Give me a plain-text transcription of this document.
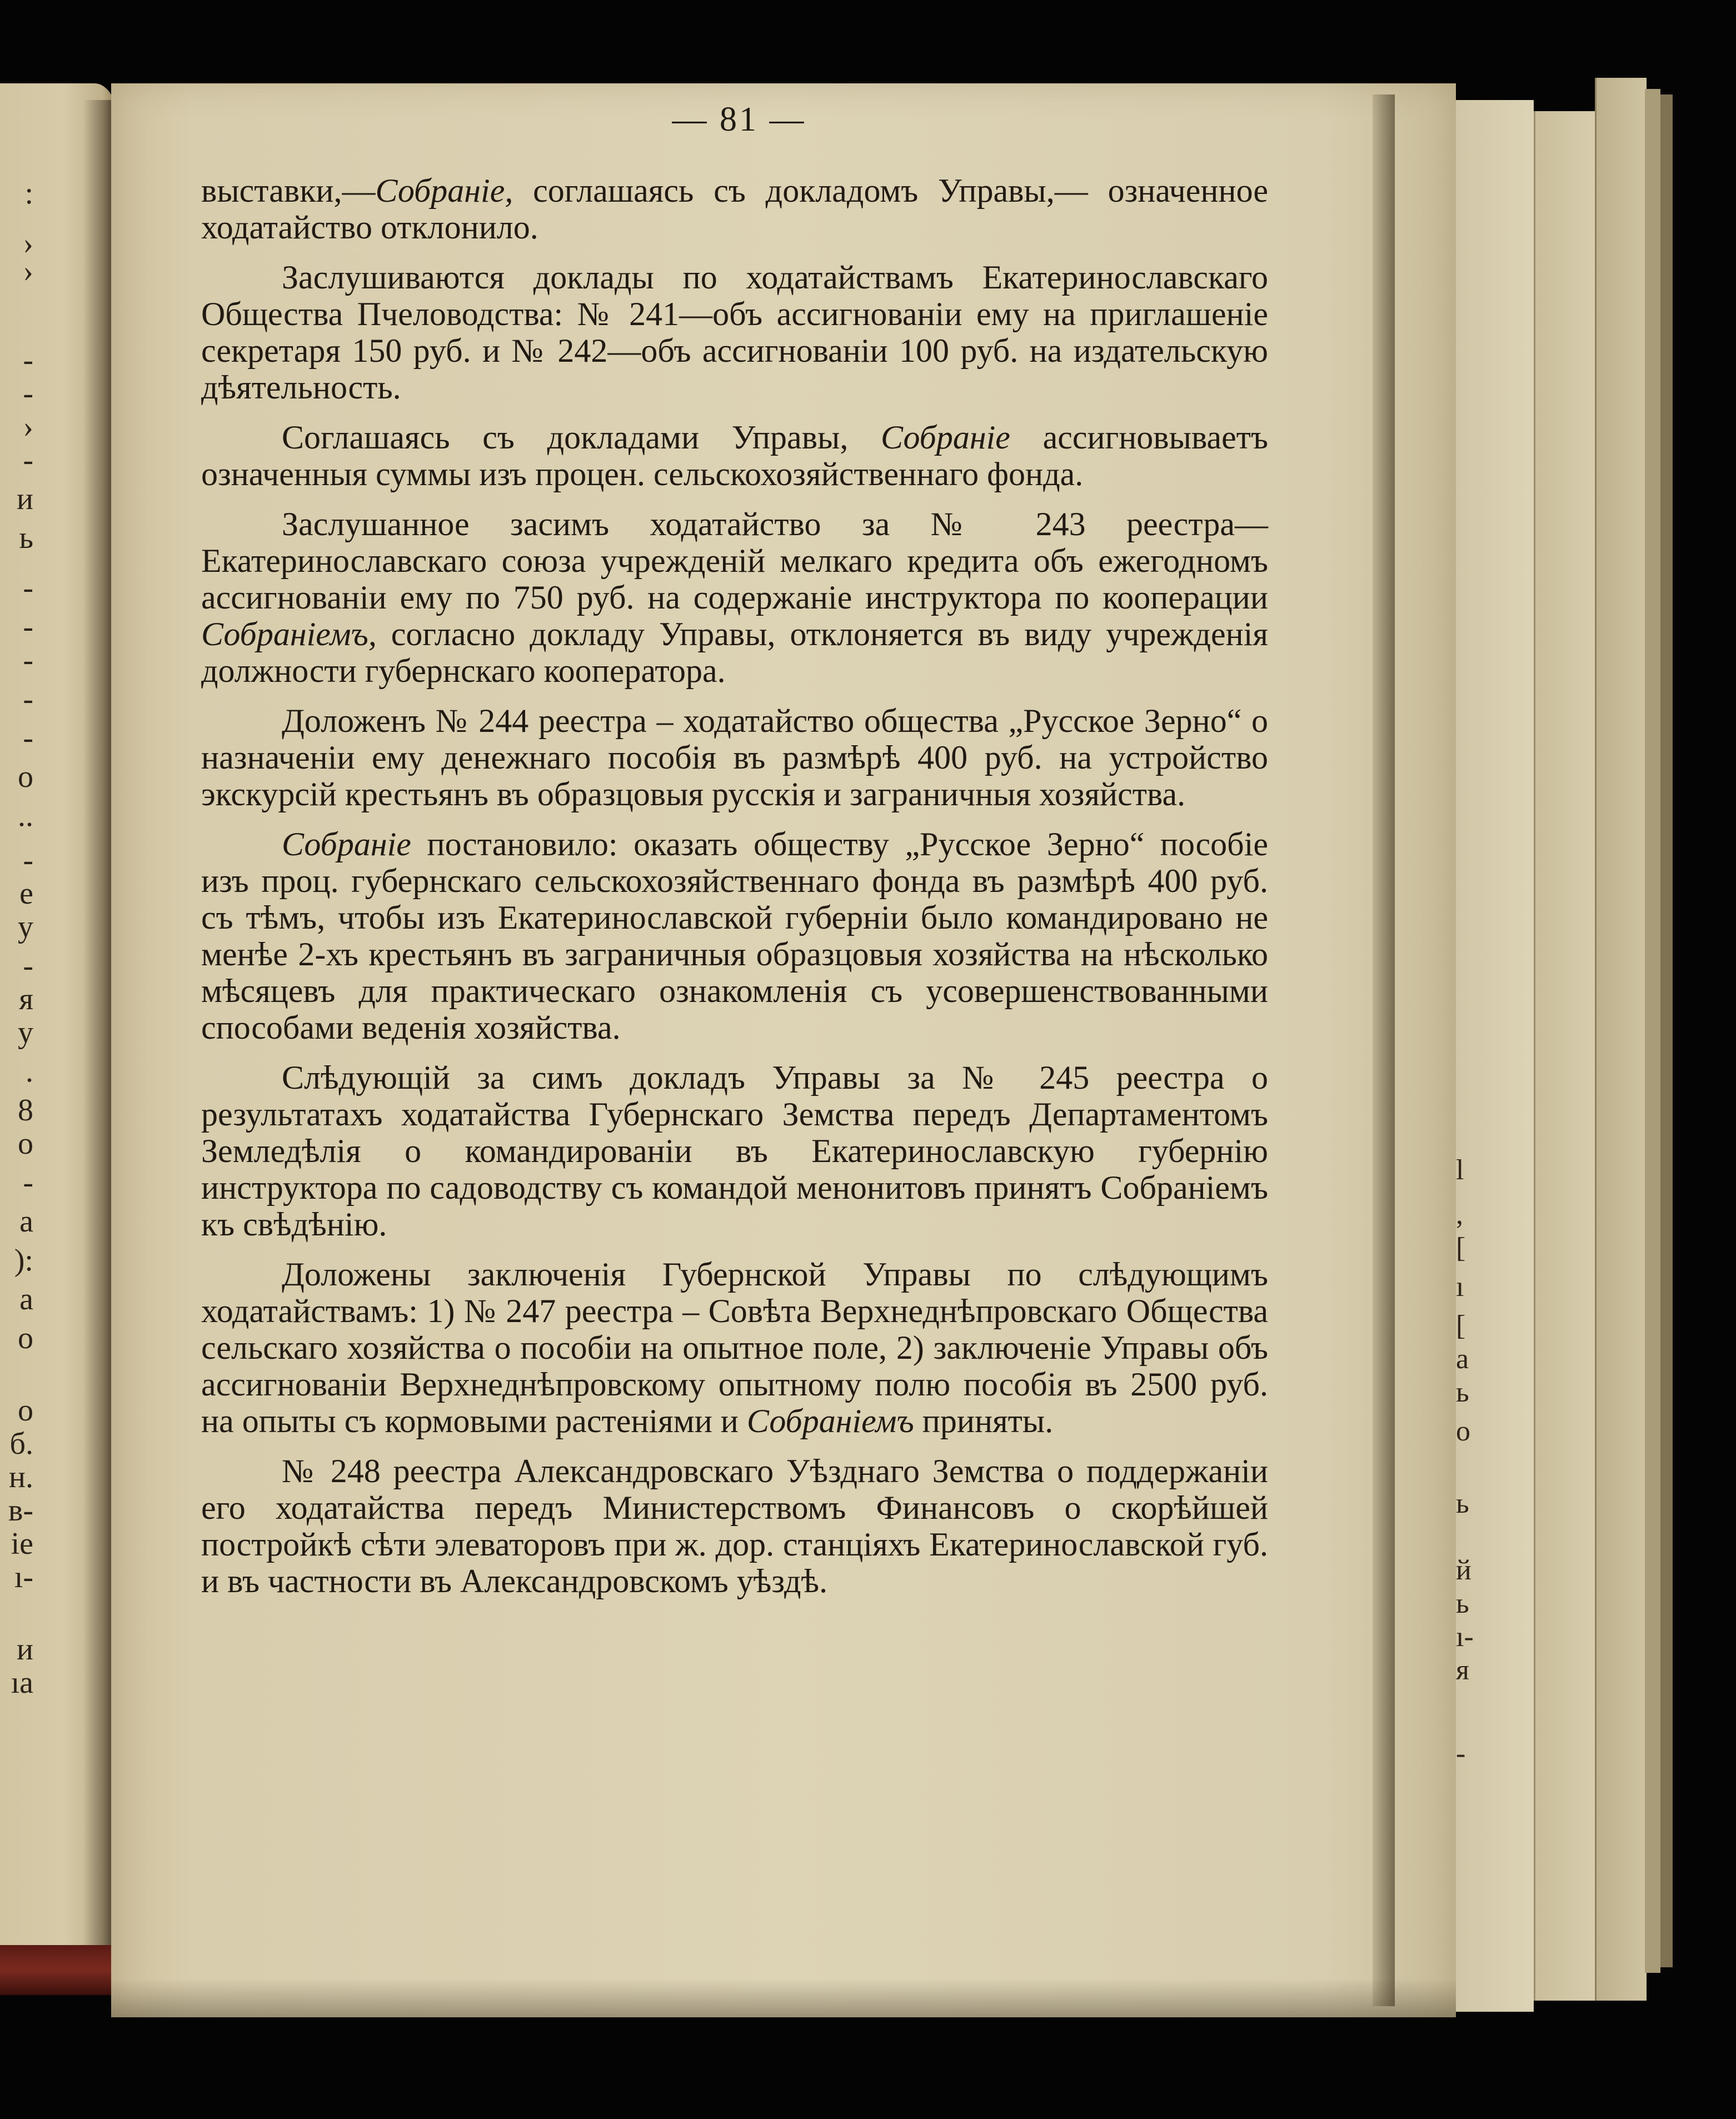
:
›
›
-
-
›
-
и
ь
-
-
-
-
-
о
..
-
е
у
-
я
у
.
8
о
-
а
):
а
о
о
б.
н.
в-
ie
ı-
и
ıa
l
,
[
ı
[
а
ь
о
ь
й
ь
ı-
я
-
— 81 —

выставки,—Собраніе, соглашаясь съ докладомъ Управы,— означенное ходатайство отклонило.

Заслушиваются доклады по ходатайствамъ Екатеринославскаго Общества Пчеловодства: № 241—объ ассигнованіи ему на приглашеніе секретаря 150 руб. и № 242—объ ассигнованіи 100 руб. на издательскую дѣятельность.

Соглашаясь съ докладами Управы, Собраніе ассигновываетъ означенныя суммы изъ процен. сельскохозяйственнаго фонда.

Заслушанное засимъ ходатайство за № 243 реестра—Екатеринославскаго союза учрежденій мелкаго кредита объ ежегодномъ ассигнованіи ему по 750 руб. на содержаніе инструктора по кооперации Собраніемъ, согласно докладу Управы, отклоняется въ виду учрежденія должности губернскаго кооператора.

Доложенъ № 244 реестра – ходатайство общества „Русское Зерно“ о назначеніи ему денежнаго пособія въ размѣрѣ 400 руб. на устройство экскурсій крестьянъ въ образцовыя русскія и заграничныя хозяйства.

Собраніе постановило: оказать обществу „Русское Зерно“ пособіе изъ проц. губернскаго сельскохозяйственнаго фонда въ размѣрѣ 400 руб. съ тѣмъ, чтобы изъ Екатеринославской губерніи было командировано не менѣе 2-хъ крестьянъ въ заграничныя образцовыя хозяйства на нѣсколько мѣсяцевъ для практическаго ознакомленія съ усовершенствованными способами веденія хозяйства.

Слѣдующій за симъ докладъ Управы за № 245 реестра о результатахъ ходатайства Губернскаго Земства передъ Департаментомъ Земледѣлія о командированіи въ Екатеринославскую губернію инструктора по садоводству съ командой менонитовъ принятъ Собраніемъ къ свѣдѣнію.

Доложены заключенія Губернской Управы по слѣдующимъ ходатайствамъ: 1) № 247 реестра – Совѣта Верхнеднѣпровскаго Общества сельскаго хозяйства о пособіи на опытное поле, 2) заключеніе Управы объ ассигнованіи Верхнеднѣпровскому опытному полю пособія въ 2500 руб. на опыты съ кормовыми растеніями и Собраніемъ приняты.

№ 248 реестра Александровскаго Уѣзднаго Земства о поддержаніи его ходатайства передъ Министерствомъ Финансовъ о скорѣйшей постройкѣ сѣти элеваторовъ при ж. дор. станціяхъ Екатеринославской губ. и въ частности въ Александровскомъ уѣздѣ.
